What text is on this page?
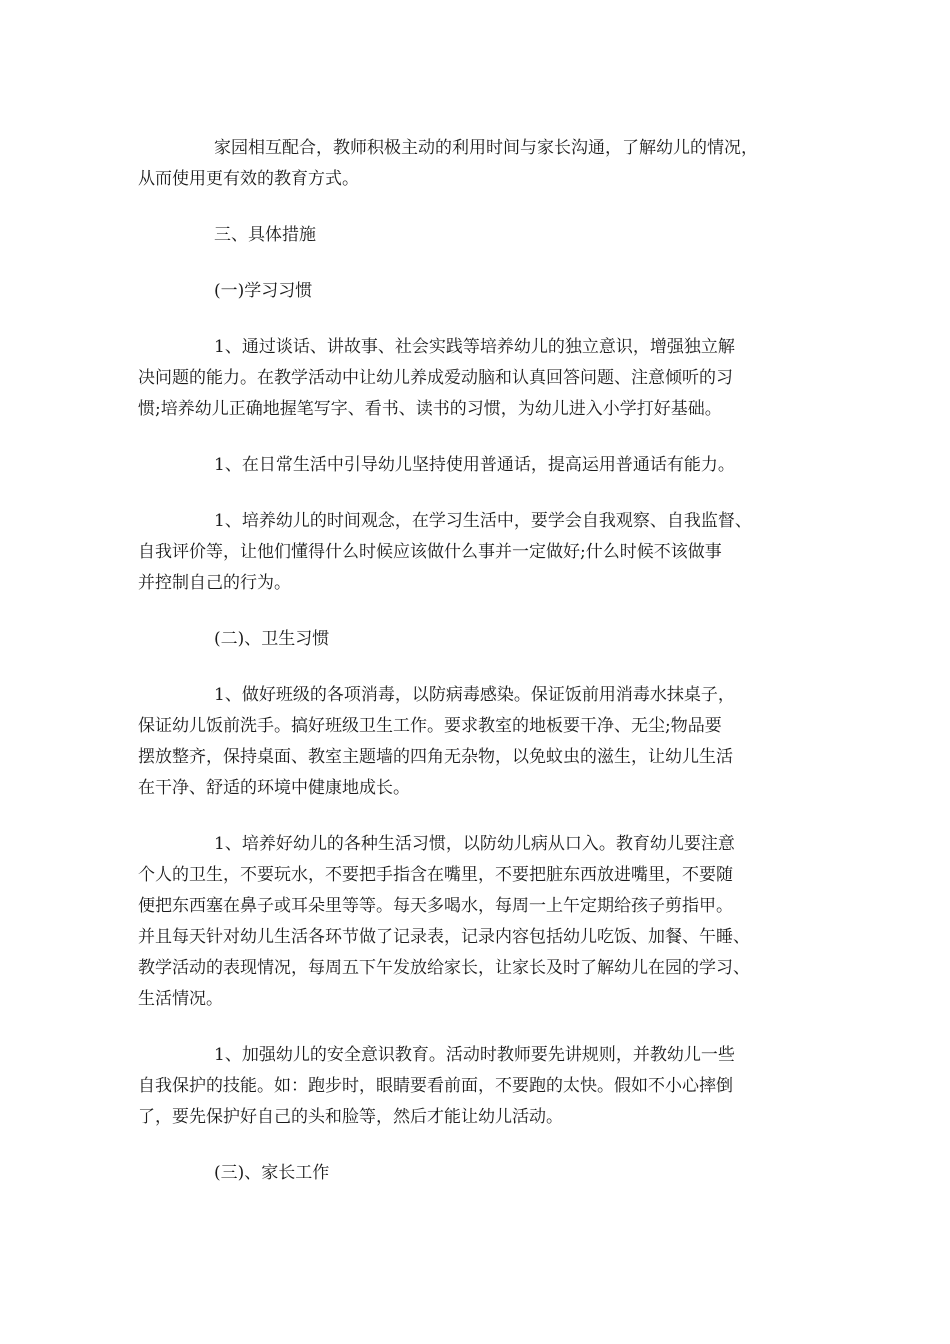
家园相互配合，教师积极主动的利用时间与家长沟通，了解幼儿的情况，
从而使用更有效的教育方式。
三、具体措施
(一)学习习惯
1、通过谈话、讲故事、社会实践等培养幼儿的独立意识，增强独立解
决问题的能力。在教学活动中让幼儿养成爱动脑和认真回答问题、注意倾听的习
惯;培养幼儿正确地握笔写字、看书、读书的习惯，为幼儿进入小学打好基础。
1、在日常生活中引导幼儿坚持使用普通话，提高运用普通话有能力。
1、培养幼儿的时间观念，在学习生活中，要学会自我观察、自我监督、
自我评价等，让他们懂得什么时候应该做什么事并一定做好;什么时候不该做事
并控制自己的行为。
(二)、卫生习惯
1、做好班级的各项消毒，以防病毒感染。保证饭前用消毒水抹桌子，
保证幼儿饭前洗手。搞好班级卫生工作。要求教室的地板要干净、无尘;物品要
摆放整齐，保持桌面、教室主题墙的四角无杂物，以免蚊虫的滋生，让幼儿生活
在干净、舒适的环境中健康地成长。
1、培养好幼儿的各种生活习惯，以防幼儿病从口入。教育幼儿要注意
个人的卫生，不要玩水，不要把手指含在嘴里，不要把脏东西放进嘴里，不要随
便把东西塞在鼻子或耳朵里等等。每天多喝水，每周一上午定期给孩子剪指甲。
并且每天针对幼儿生活各环节做了记录表，记录内容包括幼儿吃饭、加餐、午睡、
教学活动的表现情况，每周五下午发放给家长，让家长及时了解幼儿在园的学习、
生活情况。
1、加强幼儿的安全意识教育。活动时教师要先讲规则，并教幼儿一些
自我保护的技能。如：跑步时，眼睛要看前面，不要跑的太快。假如不小心摔倒
了，要先保护好自己的头和脸等，然后才能让幼儿活动。
(三)、家长工作
